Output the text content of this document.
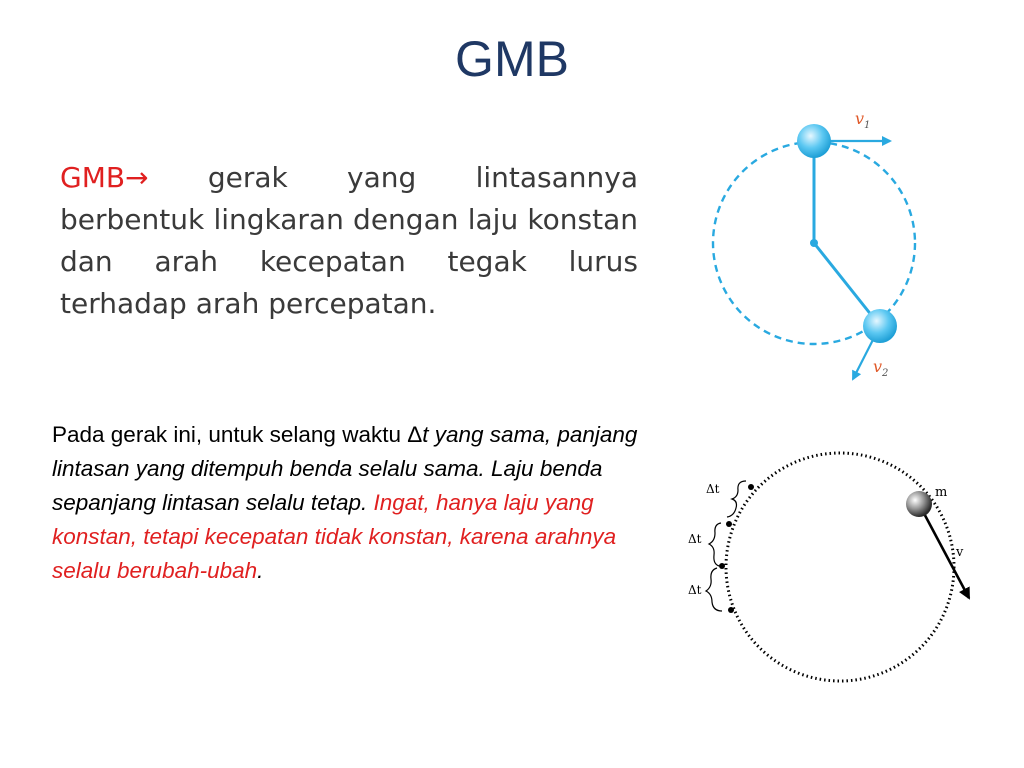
GMB
GMB→ gerak yang lintasannya berbentuk lingkaran dengan laju konstan dan arah kecepatan tegak lurus terhadap arah percepatan.
Pada gerak ini, untuk selang waktu Δt yang sama, panjang lintasan yang ditempuh benda selalu sama. Laju benda sepanjang lintasan selalu tetap. Ingat, hanya laju yang konstan, tetapi kecepatan tidak konstan, karena arahnya selalu berubah-ubah.
$v_1$
$v_2$
m
v
Δt
Δt
Δt
